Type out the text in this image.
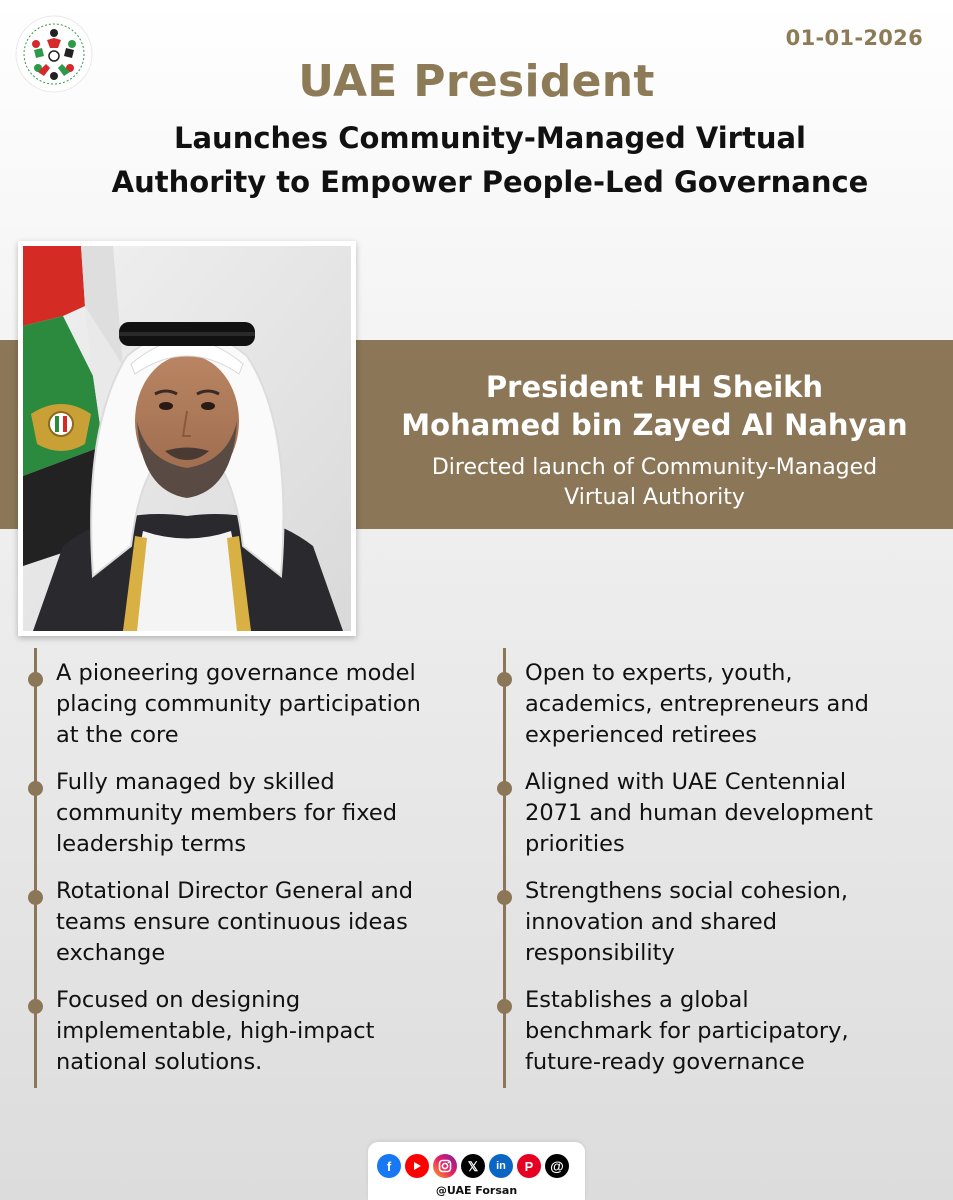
01-01-2026
UAE President
Launches Community-Managed Virtual
Authority to Empower People-Led Governance
President HH Sheikh
Mohamed bin Zayed Al Nahyan
Directed launch of Community-Managed
Virtual Authority
A pioneering governance model
placing community participation
at the core
Fully managed by skilled
community members for fixed
leadership terms
Rotational Director General and
teams ensure continuous ideas
exchange
Focused on designing
implementable, high-impact
national solutions.
Open to experts, youth,
academics, entrepreneurs and
experienced retirees
Aligned with UAE Centennial
2071 and human development
priorities
Strengthens social cohesion,
innovation and shared
responsibility
Establishes a global
benchmark for participatory,
future-ready governance
f	𝕏	in	P	@
@UAE Forsan
